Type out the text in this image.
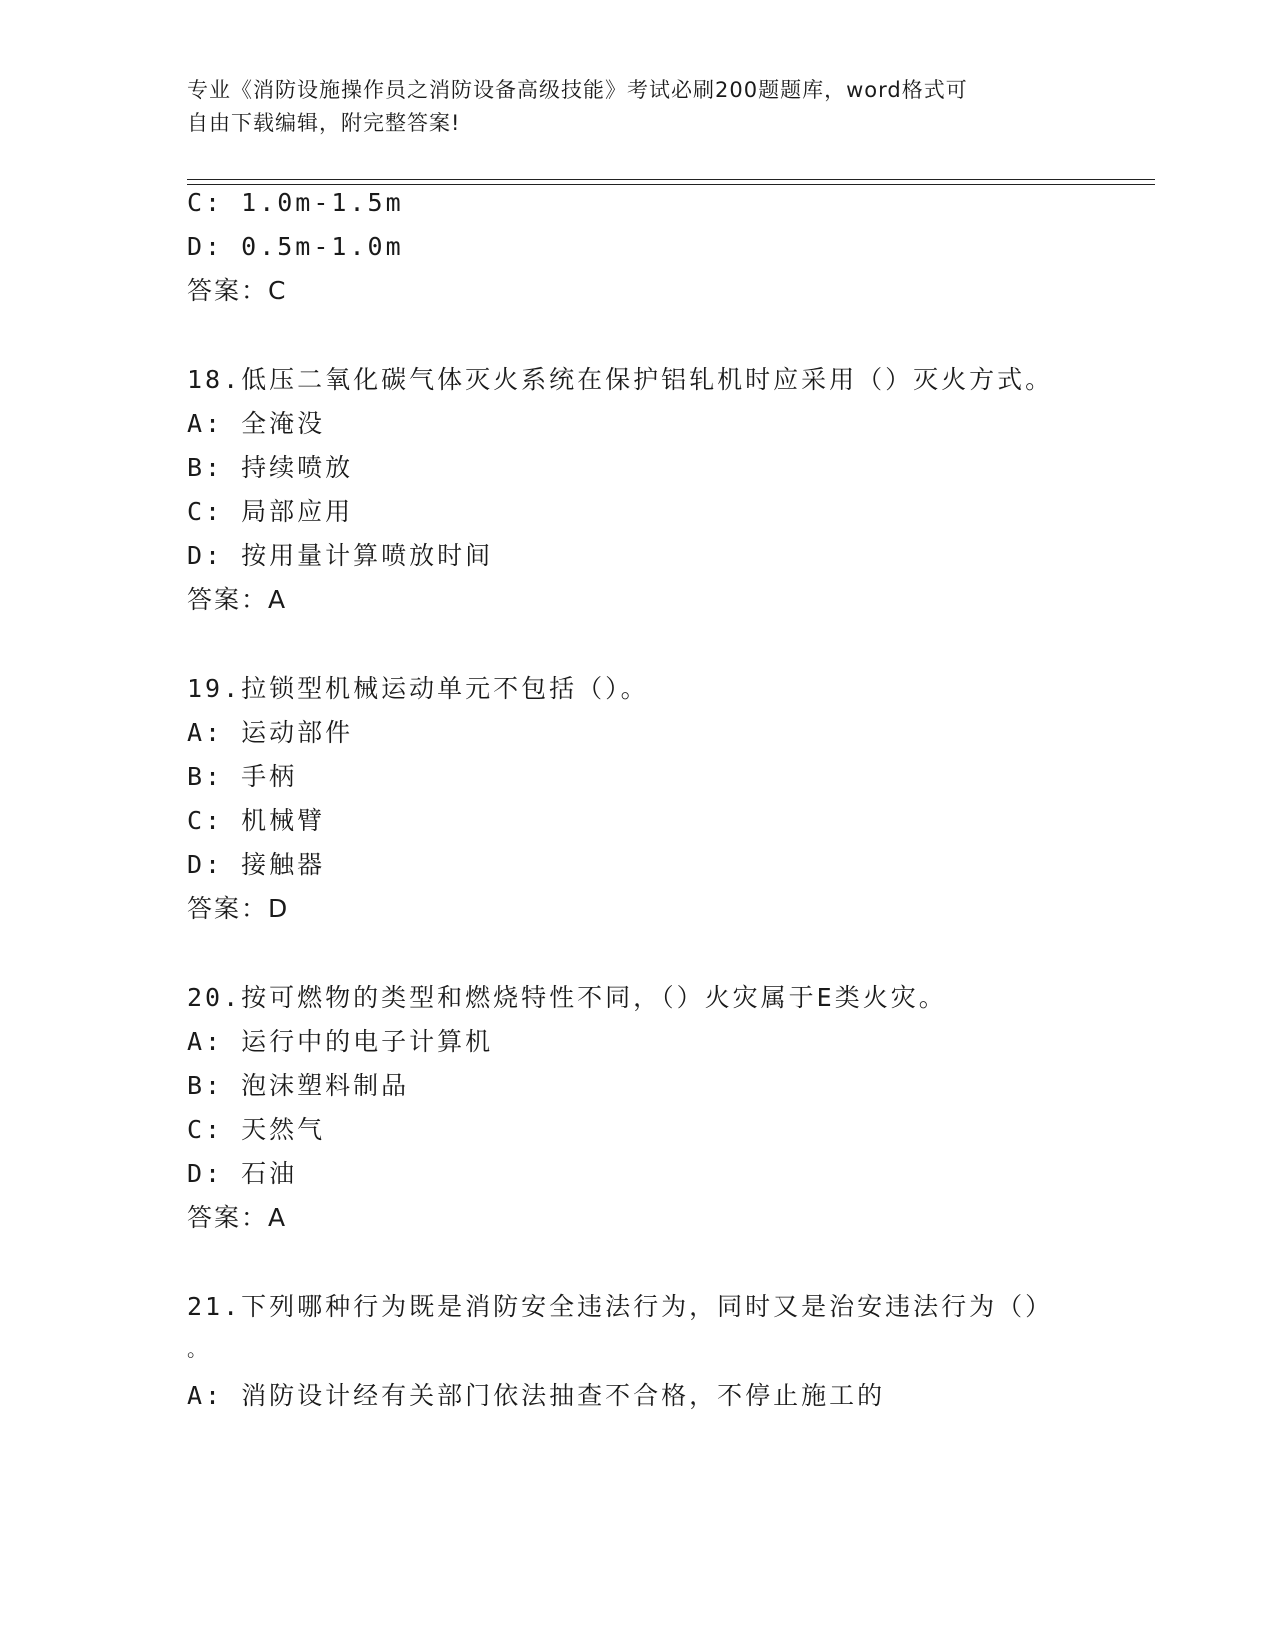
专业《消防设施操作员之消防设备高级技能》考试必刷200题题库，word格式可
自由下载编辑，附完整答案!
C: 1.0m-1.5m
D: 0.5m-1.0m
答案：C
18.低压二氧化碳气体灭火系统在保护铝轧机时应采用（）灭火方式。
A: 全淹没
B: 持续喷放
C: 局部应用
D: 按用量计算喷放时间
答案：A
19.拉锁型机械运动单元不包括（）。
A: 运动部件
B: 手柄
C: 机械臂
D: 接触器
答案：D
20.按可燃物的类型和燃烧特性不同，（）火灾属于E类火灾。
A: 运行中的电子计算机
B: 泡沫塑料制品
C: 天然气
D: 石油
答案：A
21.下列哪种行为既是消防安全违法行为，同时又是治安违法行为（）
。
A: 消防设计经有关部门依法抽查不合格，不停止施工的
